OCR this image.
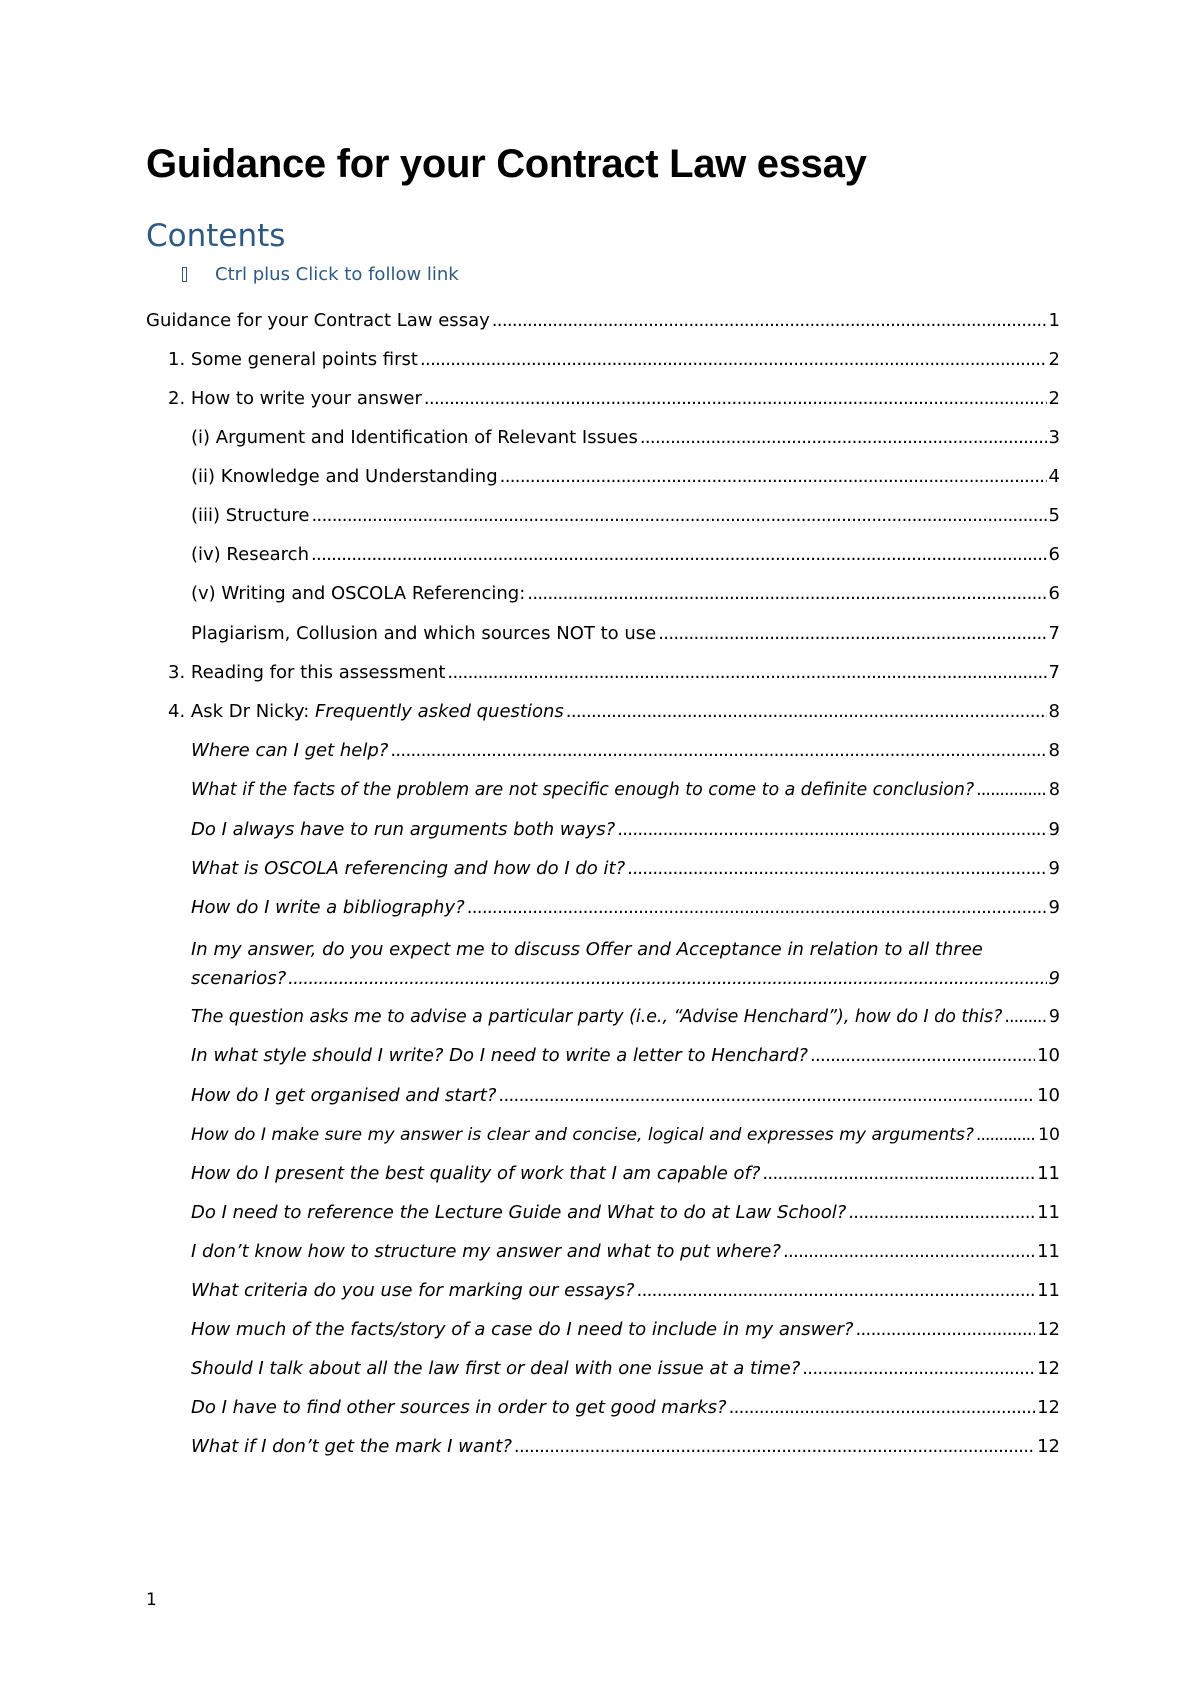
Guidance for your Contract Law essay
Contents
Ctrl plus Click to follow link
Guidance for your Contract Law essay . . .	1
1. Some general points first . . .	2
2. How to write your answer . . .	2
(i) Argument and Identification of Relevant Issues . . .	3
(ii) Knowledge and Understanding . . .	4
(iii) Structure . . .	5
(iv) Research . . .	6
(v) Writing and OSCOLA Referencing: . . .	6
Plagiarism, Collusion and which sources NOT to use . . .	7
3. Reading for this assessment . . .	7
4. Ask Dr Nicky: Frequently asked questions . . .	8
Where can I get help? . . .	8
What if the facts of the problem are not specific enough to come to a definite conclusion? . . .	8
Do I always have to run arguments both ways? . . .	9
What is OSCOLA referencing and how do I do it? . . .	9
How do I write a bibliography? . . .	9
In my answer, do you expect me to discuss Offer and Acceptance in relation to all three
scenarios? . . .	9
The question asks me to advise a particular party (i.e., “Advise Henchard”), how do I do this? . . .	9
In what style should I write? Do I need to write a letter to Henchard? . . .	10
How do I get organised and start? . . .	10
How do I make sure my answer is clear and concise, logical and expresses my arguments? . . .	10
How do I present the best quality of work that I am capable of? . . .	11
Do I need to reference the Lecture Guide and What to do at Law School? . . .	11
I don’t know how to structure my answer and what to put where? . . .	11
What criteria do you use for marking our essays? . . .	11
How much of the facts/story of a case do I need to include in my answer? . . .	12
Should I talk about all the law first or deal with one issue at a time? . . .	12
Do I have to find other sources in order to get good marks? . . .	12
What if I don’t get the mark I want? . . .	12
1
